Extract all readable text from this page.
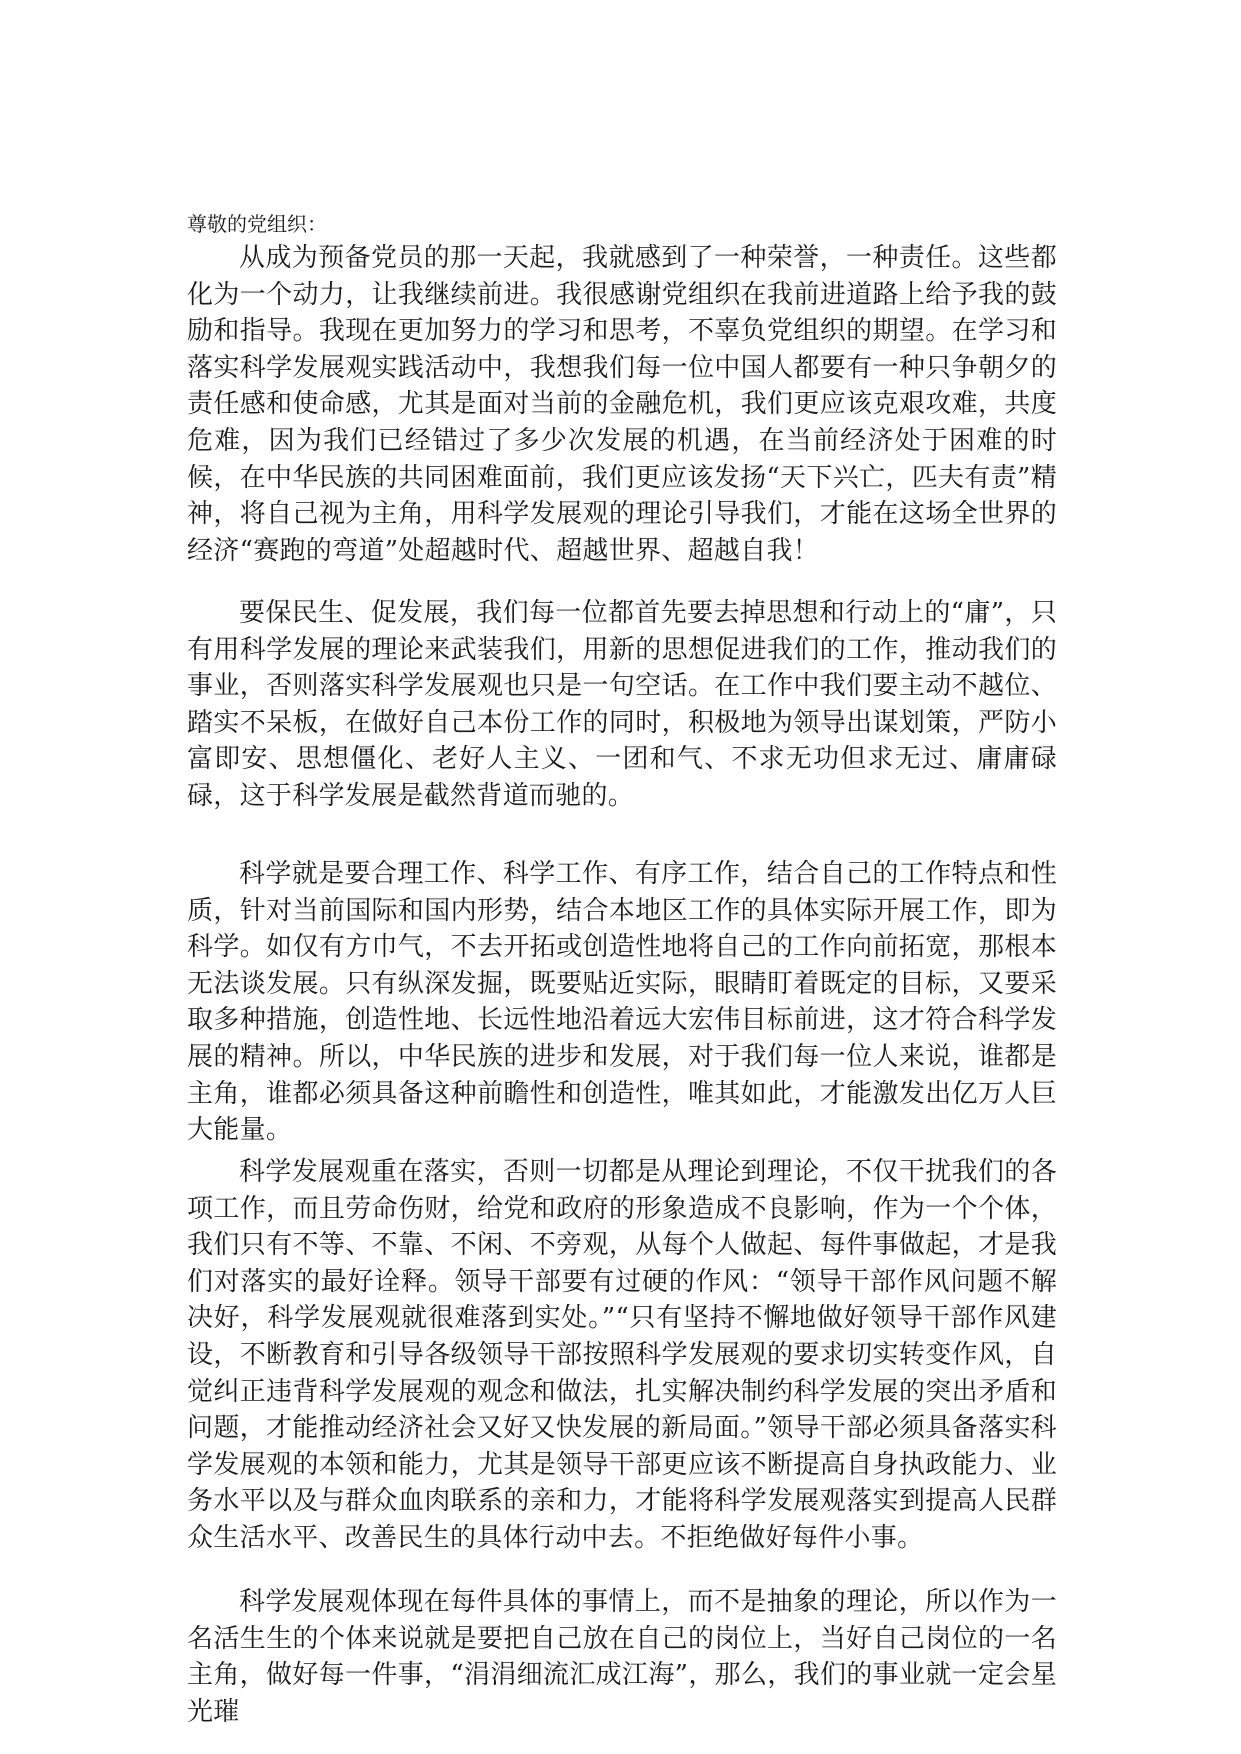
尊敬的党组织：

从成为预备党员的那一天起，我就感到了一种荣誉，一种责任。这些都化为一个动力，让我继续前进。我很感谢党组织在我前进道路上给予我的鼓励和指导。我现在更加努力的学习和思考，不辜负党组织的期望。在学习和落实科学发展观实践活动中，我想我们每一位中国人都要有一种只争朝夕的责任感和使命感，尤其是面对当前的金融危机，我们更应该克艰攻难，共度危难，因为我们已经错过了多少次发展的机遇，在当前经济处于困难的时候，在中华民族的共同困难面前，我们更应该发扬“天下兴亡，匹夫有责”精神，将自己视为主角，用科学发展观的理论引导我们，才能在这场全世界的经济“赛跑的弯道”处超越时代、超越世界、超越自我！

要保民生、促发展，我们每一位都首先要去掉思想和行动上的“庸”，只有用科学发展的理论来武装我们，用新的思想促进我们的工作，推动我们的事业，否则落实科学发展观也只是一句空话。在工作中我们要主动不越位、踏实不呆板，在做好自己本份工作的同时，积极地为领导出谋划策，严防小富即安、思想僵化、老好人主义、一团和气、不求无功但求无过、庸庸碌碌，这于科学发展是截然背道而驰的。

科学就是要合理工作、科学工作、有序工作，结合自己的工作特点和性质，针对当前国际和国内形势，结合本地区工作的具体实际开展工作，即为科学。如仅有方巾气，不去开拓或创造性地将自己的工作向前拓宽，那根本无法谈发展。只有纵深发掘，既要贴近实际，眼睛盯着既定的目标，又要采取多种措施，创造性地、长远性地沿着远大宏伟目标前进，这才符合科学发展的精神。所以，中华民族的进步和发展，对于我们每一位人来说，谁都是主角，谁都必须具备这种前瞻性和创造性，唯其如此，才能激发出亿万人巨大能量。

科学发展观重在落实，否则一切都是从理论到理论，不仅干扰我们的各项工作，而且劳命伤财，给党和政府的形象造成不良影响，作为一个个体，我们只有不等、不靠、不闲、不旁观，从每个人做起、每件事做起，才是我们对落实的最好诠释。领导干部要有过硬的作风：“领导干部作风问题不解决好，科学发展观就很难落到实处。”“只有坚持不懈地做好领导干部作风建设，不断教育和引导各级领导干部按照科学发展观的要求切实转变作风，自觉纠正违背科学发展观的观念和做法，扎实解决制约科学发展的突出矛盾和问题，才能推动经济社会又好又快发展的新局面。”领导干部必须具备落实科学发展观的本领和能力，尤其是领导干部更应该不断提高自身执政能力、业务水平以及与群众血肉联系的亲和力，才能将科学发展观落实到提高人民群众生活水平、改善民生的具体行动中去。不拒绝做好每件小事。

科学发展观体现在每件具体的事情上，而不是抽象的理论，所以作为一名活生生的个体来说就是要把自己放在自己的岗位上，当好自己岗位的一名主角，做好每一件事，“涓涓细流汇成江海”，那么，我们的事业就一定会星光璀
